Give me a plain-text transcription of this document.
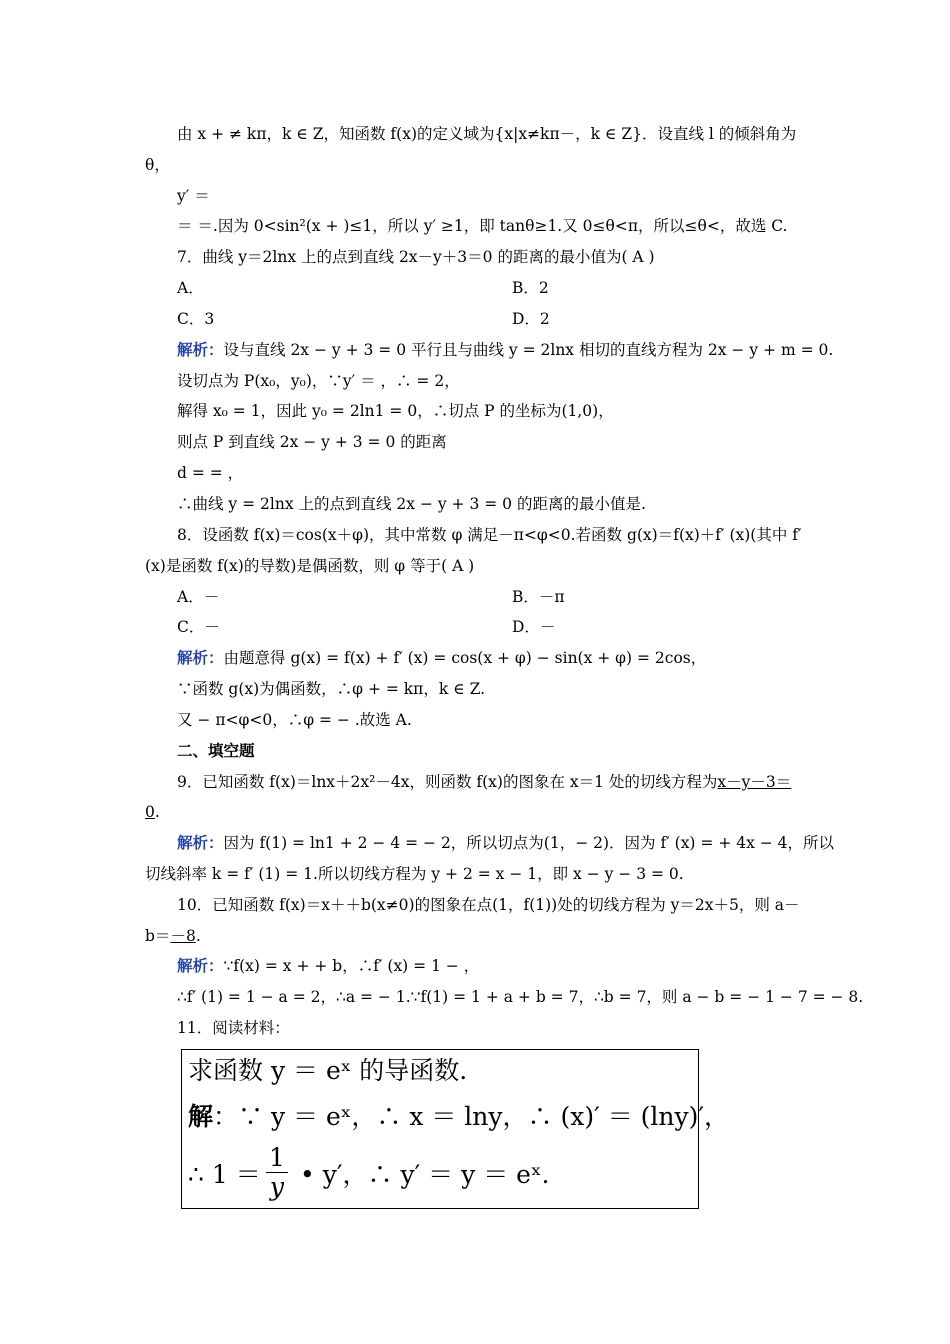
由 x + ≠ kπ，k ∈ Z，知函数 f(x)的定义域为{x|x≠kπ－，k ∈ Z}．设直线 l 的倾斜角为
θ，
y′ ＝
＝ ＝.因为 0<sin²(x + )≤1，所以 y′ ≥1，即 tanθ≥1.又 0≤θ<π，所以≤θ<，故选 C.
7．曲线 y＝2lnx 上的点到直线 2x－y＋3＝0 的距离的最小值为( A )
A．	B．2
C．3	D．2
解析：设与直线 2x − y + 3 = 0 平行且与曲线 y = 2lnx 相切的直线方程为 2x − y + m = 0.
设切点为 P(x₀，y₀)，∵y′ ＝ ，∴ = 2，
解得 x₀ = 1，因此 y₀ = 2ln1 = 0，∴切点 P 的坐标为(1,0)，
则点 P 到直线 2x − y + 3 = 0 的距离
d = = ，
∴曲线 y = 2lnx 上的点到直线 2x − y + 3 = 0 的距离的最小值是.
8．设函数 f(x)＝cos(x＋φ)，其中常数 φ 满足－π<φ<0.若函数 g(x)＝f(x)＋f′ (x)(其中 f′
(x)是函数 f(x)的导数)是偶函数，则 φ 等于( A )
A．－	B．－π
C．－	D．－
解析：由题意得 g(x) = f(x) + f′ (x) = cos(x + φ) − sin(x + φ) = 2cos，
∵函数 g(x)为偶函数，∴φ + = kπ，k ∈ Z.
又 − π<φ<0，∴φ = − .故选 A.
二、填空题
9．已知函数 f(x)＝lnx＋2x²－4x，则函数 f(x)的图象在 x＝1 处的切线方程为x－y－3＝
0.
解析：因为 f(1) = ln1 + 2 − 4 = − 2，所以切点为(1，− 2)．因为 f′ (x) = + 4x − 4，所以
切线斜率 k = f′ (1) = 1.所以切线方程为 y + 2 = x − 1，即 x − y − 3 = 0.
10．已知函数 f(x)＝x＋＋b(x≠0)的图象在点(1，f(1))处的切线方程为 y＝2x＋5，则 a－
b＝－8.
解析：∵f(x) = x + + b，∴f′ (x) = 1 − ，
∴f′ (1) = 1 − a = 2，∴a = − 1.∵f(1) = 1 + a + b = 7，∴b = 7，则 a − b = − 1 − 7 = − 8.
11．阅读材料：
求函数 y ＝ eˣ 的导函数.
解：∵ y ＝ eˣ，∴ x ＝ lny，∴ (x)′ ＝ (lny)′，
∴ $1 = \frac{1}{y}$ • y′，∴ y′ ＝ y ＝ eˣ.
